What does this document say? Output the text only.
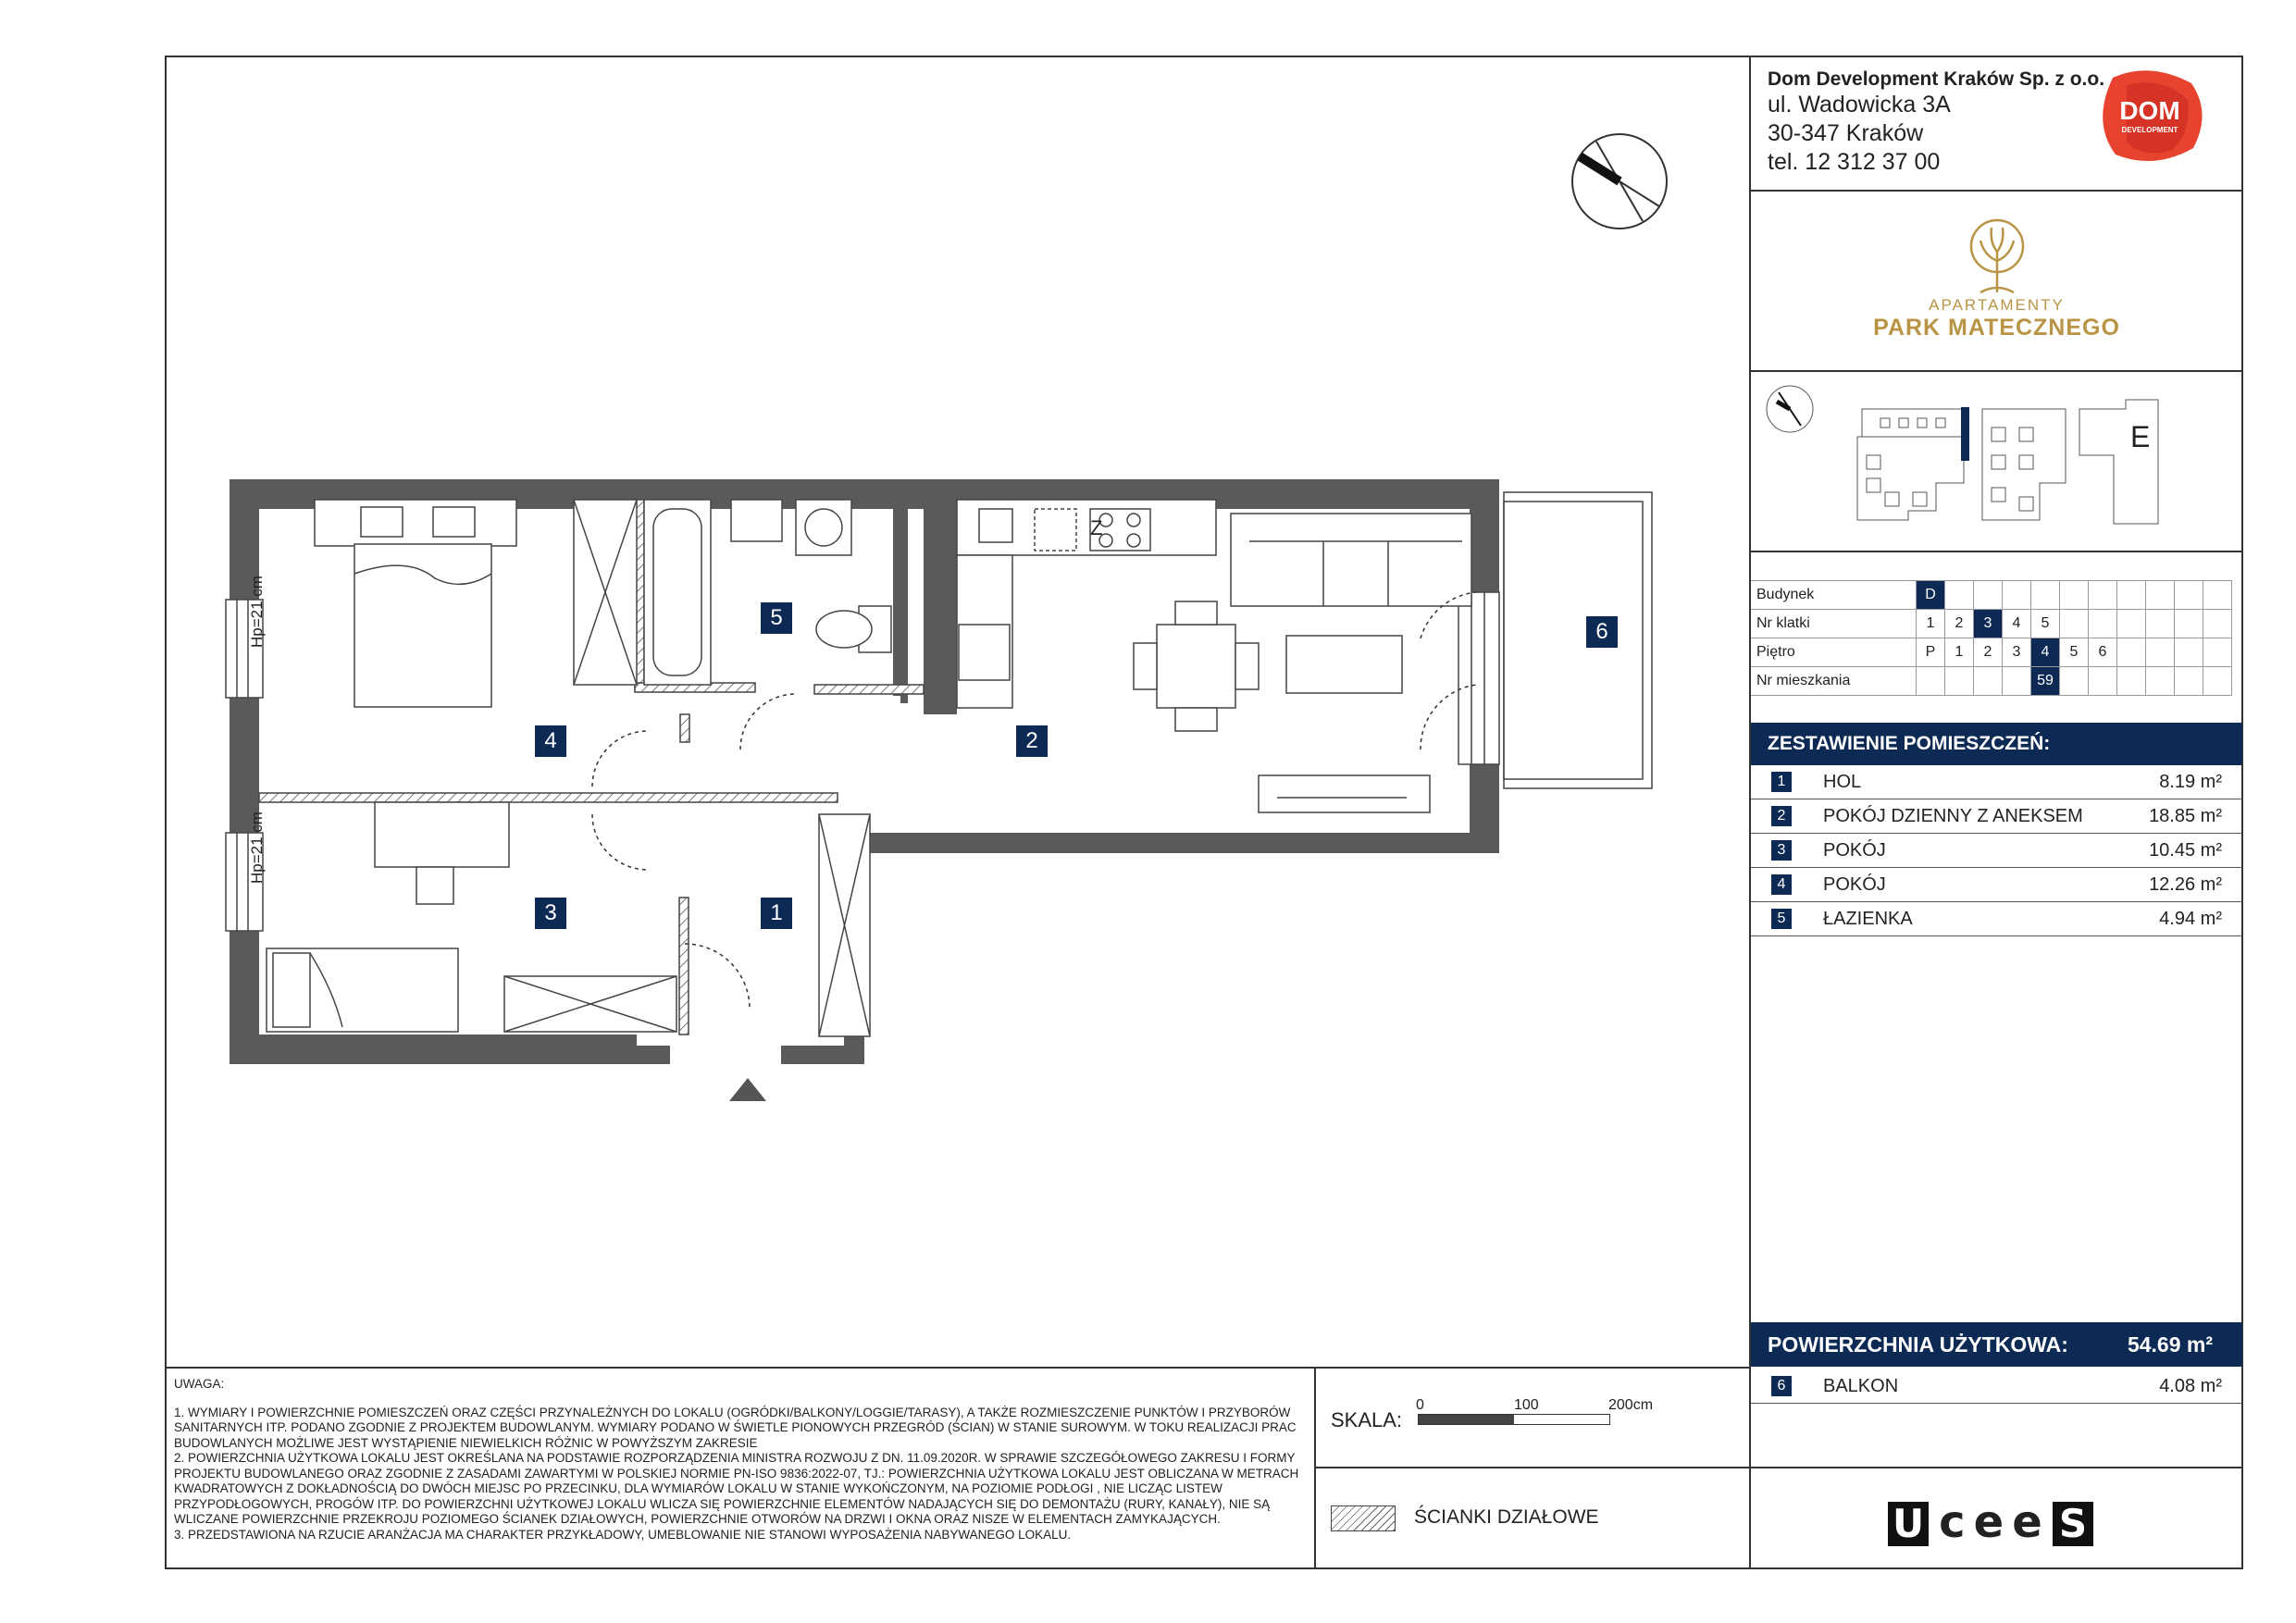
Dom Development Kraków Sp. z o.o.
ul. Wadowicka 3A
30-347 Kraków
tel. 12 312 37 00
DOM
DEVELOPMENT
APARTAMENTY
PARK MATECZNEGO
E
Budynek	D										
Nr klatki	1	2	3	4	5						
Piętro	P	1	2	3	4	5	6				
Nr mieszkania					59						
ZESTAWIENIE POMIESZCZEŃ:
1	HOL	8.19 m²
2	POKÓJ DZIENNY Z ANEKSEM	18.85 m²
3	POKÓJ	10.45 m²
4	POKÓJ	12.26 m²
5	ŁAZIENKA	4.94 m²
POWIERZCHNIA UŻYTKOWA:	54.69 m²
6	BALKON	4.08 m²
U c e e S

UWAGA:

1. WYMIARY I POWIERZCHNIE POMIESZCZEŃ ORAZ CZĘŚCI PRZYNALEŻNYCH DO LOKALU (OGRÓDKI/BALKONY/LOGGIE/TARASY), A TAKŻE ROZMIESZCZENIE PUNKTÓW I PRZYBORÓW SANITARNYCH ITP. PODANO ZGODNIE Z PROJEKTEM BUDOWLANYM. WYMIARY PODANO W ŚWIETLE PIONOWYCH PRZEGRÓD (ŚCIAN) W STANIE SUROWYM. W TOKU REALIZACJI PRAC BUDOWLANYCH MOŻLIWE JEST WYSTĄPIENIE NIEWIELKICH RÓŻNIC W POWYŻSZYM ZAKRESIE

2. POWIERZCHNIA UŻYTKOWA LOKALU JEST OKREŚLANA NA PODSTAWIE ROZPORZĄDZENIA MINISTRA ROZWOJU Z DN. 11.09.2020R. W SPRAWIE SZCZEGÓŁOWEGO ZAKRESU I FORMY PROJEKTU BUDOWLANEGO ORAZ ZGODNIE Z ZASADAMI ZAWARTYMI W POLSKIEJ NORMIE PN-ISO 9836:2022-07, TJ.: POWIERZCHNIA UŻYTKOWA LOKALU JEST OBLICZANA W METRACH KWADRATOWYCH Z DOKŁADNOŚCIĄ DO DWÓCH MIEJSC PO PRZECINKU, DLA WYMIARÓW LOKALU W STANIE WYKOŃCZONYM, NA POZIOMIE PODŁOGI , NIE LICZĄC LISTEW PRZYPODŁOGOWYCH, PROGÓW ITP. DO POWIERZCHNI UŻYTKOWEJ LOKALU WLICZA SIĘ POWIERZCHNIE ELEMENTÓW NADAJĄCYCH SIĘ DO DEMONTAŻU (RURY, KANAŁY), NIE SĄ WLICZANE POWIERZCHNIE PRZEKROJU POZIOMEGO ŚCIANEK DZIAŁOWYCH, POWIERZCHNIE OTWORÓW NA DRZWI I OKNA ORAZ NISZE W ELEMENTACH ZAMYKAJĄCYCH.

3. PRZEDSTAWIONA NA RZUCIE ARANŻACJA MA CHARAKTER PRZYKŁADOWY, UMEBLOWANIE NIE STANOWI WYPOSAŻENIA NABYWANEGO LOKALU.

SKALA:
0	100	200cm
ŚCIANKI DZIAŁOWE
1
2
3
4
5
6
Hp=21 cm
Hp=21 cm
Z
